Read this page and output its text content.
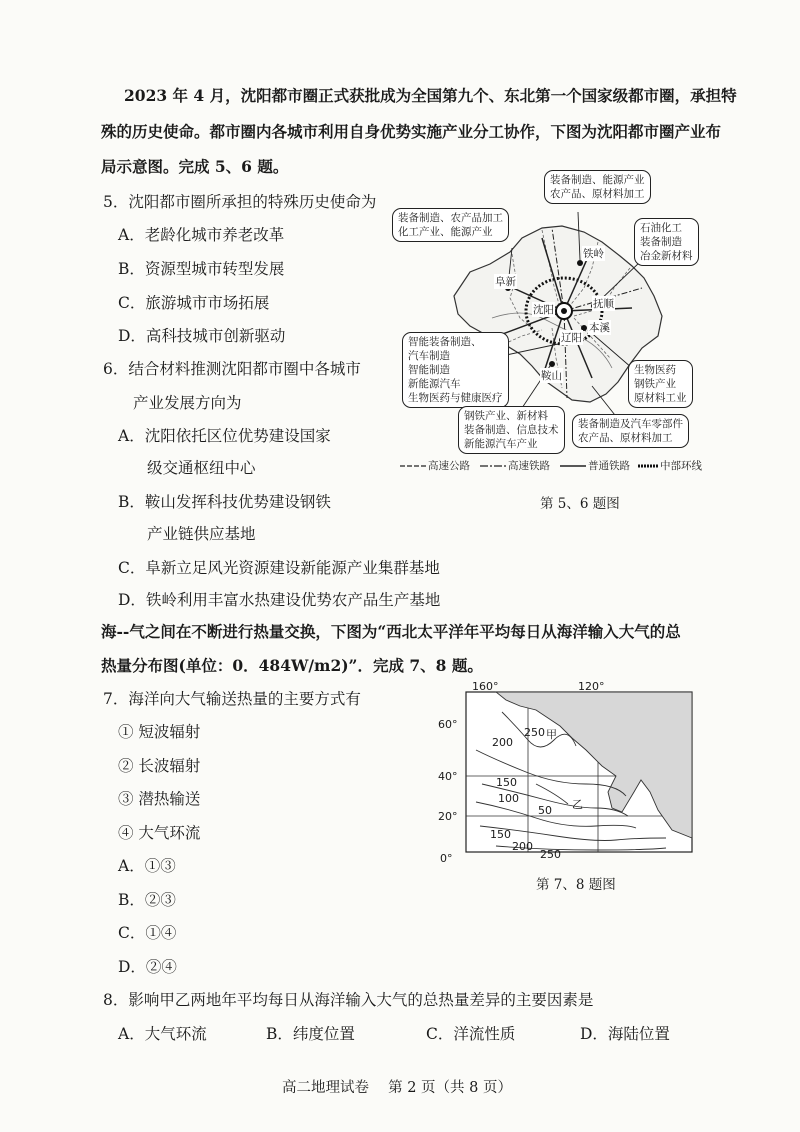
2023 年 4 月，沈阳都市圈正式获批成为全国第九个、东北第一个国家级都市圈，承担特
殊的历史使命。都市圈内各城市利用自身优势实施产业分工协作，下图为沈阳都市圈产业布
局示意图。完成 5、6 题。
5．沈阳都市圈所承担的特殊历史使命为
A．老龄化城市养老改革
B．资源型城市转型发展
C．旅游城市市场拓展
D．高科技城市创新驱动
6．结合材料推测沈阳都市圈中各城市
产业发展方向为
A．沈阳依托区位优势建设国家
级交通枢纽中心
B．鞍山发挥科技优势建设钢铁
产业链供应基地
C．阜新立足风光资源建设新能源产业集群基地
D．铁岭利用丰富水热建设优势农产品生产基地
装备制造、能源产业
农产品、原材料加工
装备制造、农产品加工
化工产业、能源产业	石油化工
装备制造
冶金新材料
智能装备制造、
汽车制造
智能制造
新能源汽车
生物医药与健康医疗
生物医药
钢铁产业
原材料工业
钢铁产业、新材料
装备制造、信息技术
新能源汽车产业
装备制造及汽车零部件
农产品、原材料加工
铁岭
阜新
沈阳	抚顺
本溪
辽阳
鞍山
高速公路	高速铁路	普通铁路	中部环线
第 5、6 题图
海--气之间在不断进行热量交换，下图为“西北太平洋年平均每日从海洋输入大气的总
热量分布图(单位：0．484W/m2)”．完成 7、8 题。
7．海洋向大气输送热量的主要方式有
① 短波辐射
② 长波辐射
③ 潜热输送
④ 大气环流
A．①③
B．②③
C．①④
D．②④
160°	120°
60°
40°
20°
0°
250 甲
200
150
100
50 乙
150
200
250
第 7、8 题图
8．影响甲乙两地年平均每日从海洋输入大气的总热量差异的主要因素是
A．大气环流	B．纬度位置	C．洋流性质	D．海陆位置
高二地理试卷　 第 2 页（共 8 页）
